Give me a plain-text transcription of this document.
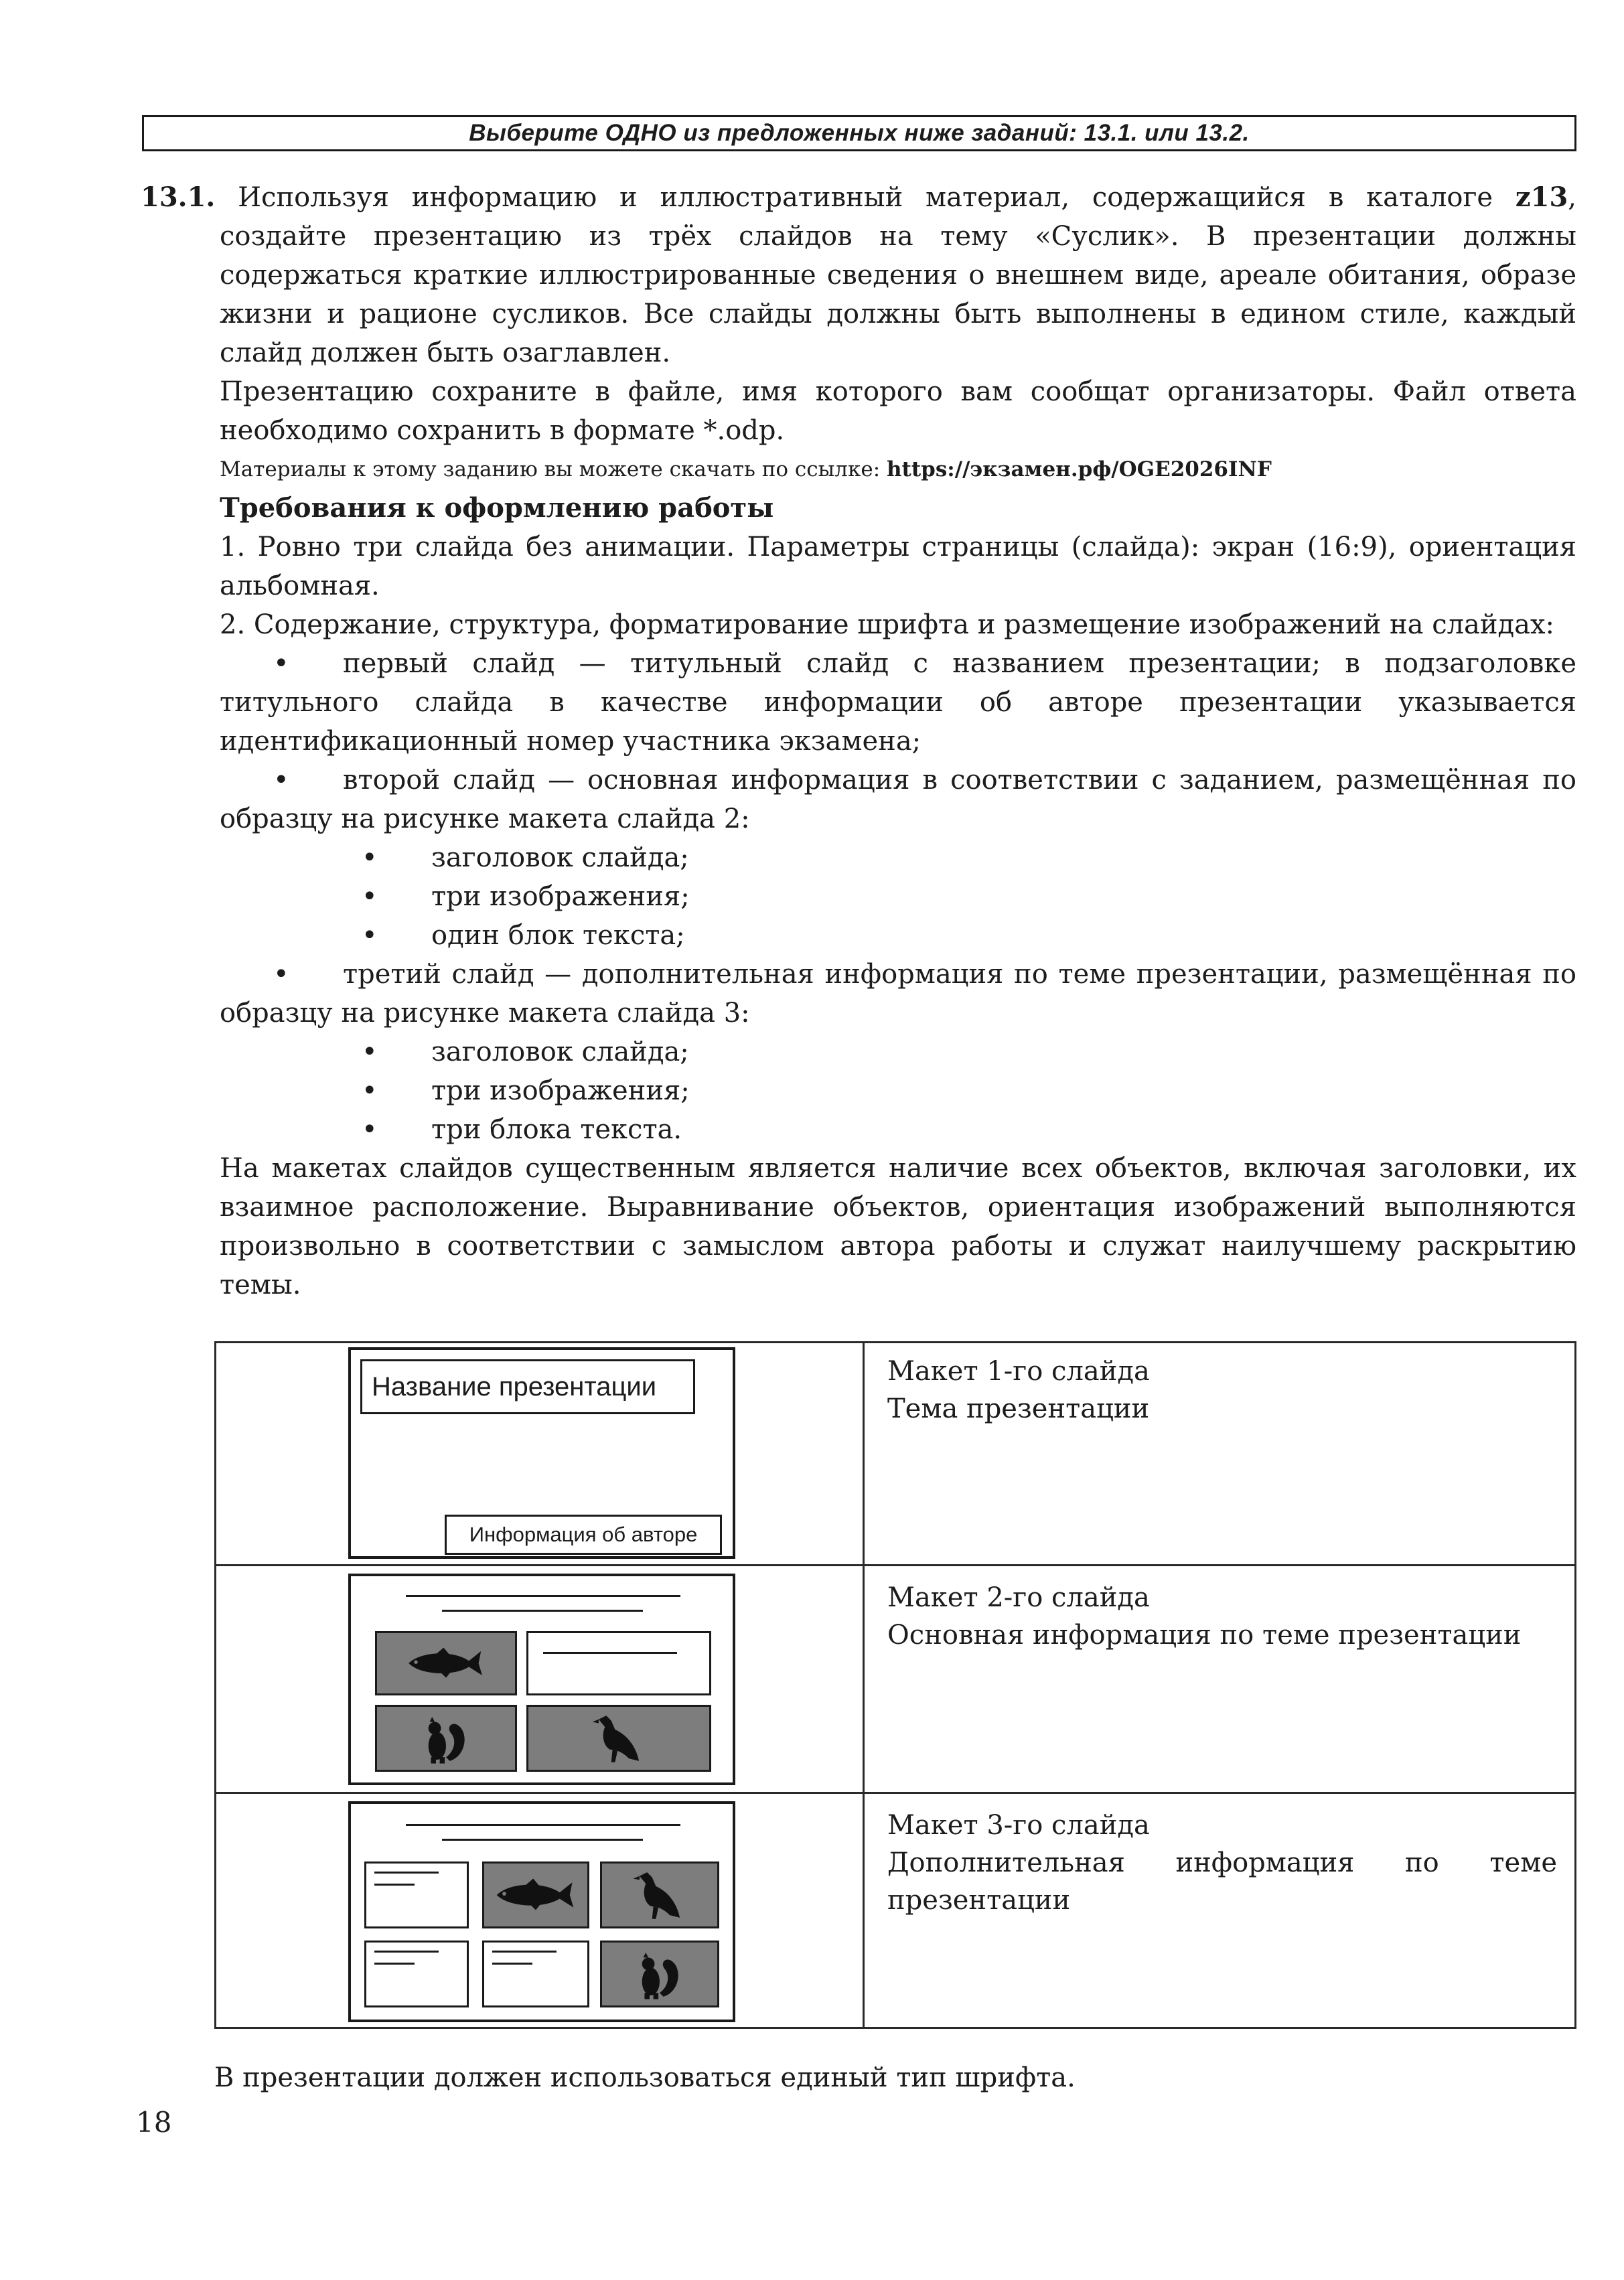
Выберите ОДНО из предложенных ниже заданий: 13.1. или 13.2.

13.1. Используя информацию и иллюстративный материал, содержащийся в каталоге z13, создайте презентацию из трёх слайдов на тему «Суслик». В презентации должны содержаться краткие иллюстрированные сведения о внешнем виде, ареале обитания, образе жизни и рационе сусликов. Все слайды должны быть выполнены в едином стиле, каждый слайд должен быть озаглавлен.

Презентацию сохраните в файле, имя которого вам сообщат организаторы. Файл ответа необходимо сохранить в формате *.odp.

Материалы к этому заданию вы можете скачать по ссылке: https://экзамен.рф/OGE2026INF

Требования к оформлению работы

1. Ровно три слайда без анимации. Параметры страницы (слайда): экран (16:9), ориентация альбомная.

2. Содержание, структура, форматирование шрифта и размещение изображений на слайдах:

• первый слайд — титульный слайд с названием презентации; в подзаголовке титульного слайда в качестве информации об авторе презентации указывается идентификационный номер участника экзамена;

• второй слайд — основная информация в соответствии с заданием, размещённая по образцу на рисунке макета слайда 2:

• заголовок слайда;

• три изображения;

• один блок текста;

• третий слайд — дополнительная информация по теме презентации, размещённая по образцу на рисунке макета слайда 3:

• заголовок слайда;

• три изображения;

• три блока текста.

На макетах слайдов существенным является наличие всех объектов, включая заголовки, их взаимное расположение. Выравнивание объектов, ориентация изображений выполняются произвольно в соответствии с замыслом автора работы и служат наилучшему раскрытию темы.

Название презентации
Информация об авторе

Макет 1-го слайда

Тема презентации

Макет 2-го слайда

Основная информация по теме презентации

Макет 3-го слайда

Дополнительная информация по теме презентации

В презентации должен использоваться единый тип шрифта.
18
